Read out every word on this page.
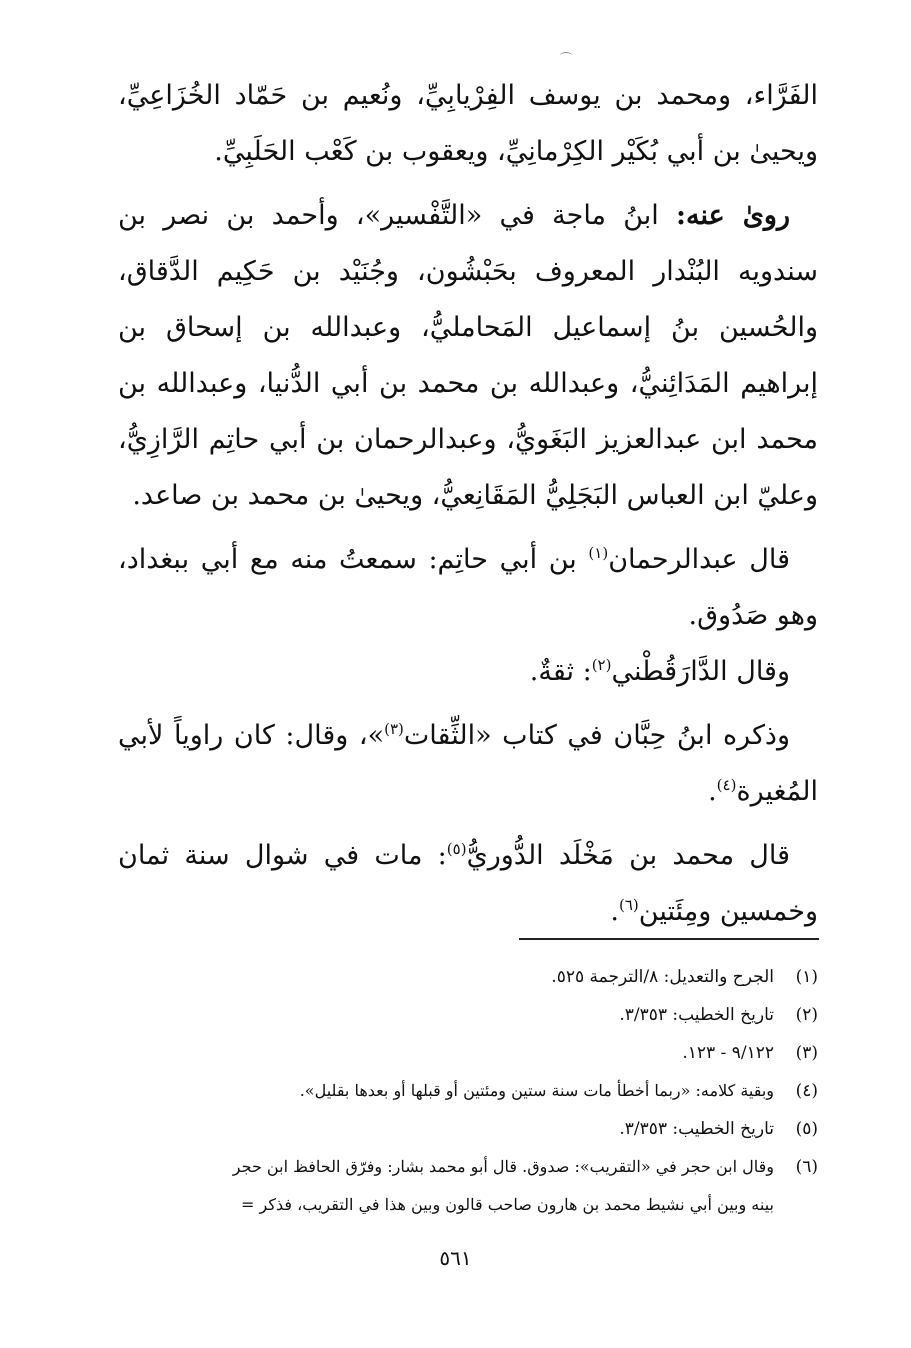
الفَرَّاء، ومحمد بن يوسف الفِرْيابِيِّ، ونُعيم بن حَمّاد الخُزَاعِيِّ، ويحيىٰ بن أبي بُكَيْر الكِرْمانِيِّ، ويعقوب بن كَعْب الحَلَبِيِّ.

رویٰ عنه: ابنُ ماجة في «التَّفْسير»، وأحمد بن نصر بن سندويه البُنْدار المعروف بحَبْشُون، وجُنَيْد بن حَكِيم الدَّقاق، والحُسين بنُ إسماعيل المَحامليُّ، وعبدالله بن إسحاق بن إبراهيم المَدَائِنيُّ، وعبدالله بن محمد بن أبي الدُّنيا، وعبدالله بن محمد ابن عبدالعزيز البَغَويُّ، وعبدالرحمان بن أبي حاتِم الرَّازِيُّ، وعليّ ابن العباس البَجَلِيُّ المَقَانِعيُّ، ويحيىٰ بن محمد بن صاعد.

قال عبدالرحمان$^{(١)}$ بن أبي حاتِم: سمعتُ منه مع أبي ببغداد، وهو صَدُوق.

وقال الدَّارَقُطْني$^{(٢)}$: ثقةٌ.

وذكره ابنُ حِبَّان في كتاب «الثِّقات$^{(٣)}$»، وقال: كان راوياً لأبي المُغيرة$^{(٤)}$.

قال محمد بن مَخْلَد الدُّوريُّ$^{(٥)}$: مات في شوال سنة ثمان وخمسين ومِئَتين$^{(٦)}$.

(١)
الجرح والتعديل: ٨/الترجمة ٥٢٥.
(٢)
تاريخ الخطيب: ٣/٣٥٣.
(٣)
٩/١٢٢ - ١٢٣.
(٤)
وبقية كلامه: «ربما أخطأ مات سنة ستين ومئتين أو قبلها أو بعدها بقليل».
(٥)
تاريخ الخطيب: ٣/٣٥٣.
(٦)
وقال ابن حجر في «التقريب»: صدوق. قال أبو محمد بشار: وفرّق الحافظ ابن حجر
بينه وبين أبي نشيط محمد بن هارون صاحب قالون وبين هذا في التقريب، فذكر =
٥٦١
